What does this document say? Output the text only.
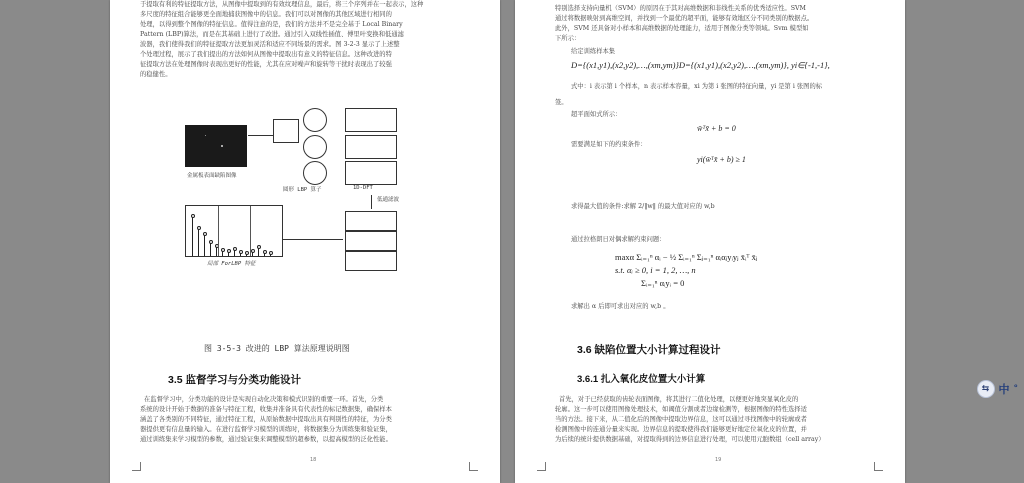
于提取有利的特征提取方法，从图像中提取到的有效纹理信息，最后，将三个序列并在一起表示，这种
多尺度的特征组合能够更全面地捕获图像中的信息。我们可以对图像的其他区域进行相同的
处理，以得到整个图像的特征信息。值得注意的是，我们的方法并不是完全基于 Local Binary
Pattern (LBP)算法，而是在其基础上进行了改进。通过引入双线性插值、傅里叶变换和低通滤
波器，我们使得我们的特征提取方法更加灵活和适应不同场景的需求。图 3-2-3 显示了上述整
个处理过程，展示了我们提出的方法如何从图像中提取出有意义的特征信息。这种改进的特
征提取方法在处理图像时表现出更好的性能，尤其在应对噪声和旋转等干扰时表现出了较强
的稳健性。
金属板表面缺陷图像
圆形 LBP 算子	1D-DFT
低通滤波
局部 ForLBP 特征
图 3-5-3 改进的 LBP 算法原理说明图
3.5 监督学习与分类功能设计
在监督学习中，分类功能的设计是实现自动化决策和模式识别的重要一环。首先，分类
系统的设计开始于数据的准备与特征工程，收集并准备具有代表性的标记数据集，确保样本
涵盖了各类别的不同特征，通过特征工程，从原始数据中提取出具有判别性的特征，为分类
器提供更有信息量的输入。在进行监督学习模型的训练时，将数据集分为训练集和验证集，
通过训练集来学习模型的参数，通过验证集来调整模型的超参数，以提高模型的泛化性能。
18
特别选择支持向量机（SVM）的原因在于其对高维数据和非线性关系的优秀适应性。SVM
通过将数据映射到高维空间，并找到一个最优的超平面，能够有效地区分不同类别的数据点。
此外，SVM 还具备对小样本和高维数据的处理能力，适用于图像分类等领域。Svm 模型如
下所示：
给定训练样本集
D={(x1,y1),(x2,y2),…,(xm,ym)}D={(x1,y1),(x2,y2),…,(xm,ym)}, yi∈{-1,-1},
式中：i 表示第 i 个样本，n 表示样本容量，xi 为第 i 张图的特征向量，yi 是第 i 张图的标
签。
超平面如式所示：
w̄ᵀx̄ + b = 0
需要满足如下的约束条件：
yi(w̄ᵀx̄ + b) ≥ 1
求得最大值的条件:求解 2/‖w‖ 的最大值对应的 w,b
通过拉格朗日对偶求解约束问题：
maxα Σᵢ₌₁ⁿ αᵢ − ½ Σᵢ₌₁ⁿ Σⱼ₌₁ⁿ αᵢαⱼyᵢyⱼ x̄ᵢᵀ x̄ⱼ
s.t. αᵢ ≥ 0, i = 1, 2, …, n
Σᵢ₌₁ⁿ αᵢyᵢ = 0
求解出 α 后即可求出对应的 w,b 。
3.6 缺陷位置大小计算过程设计
3.6.1 扎入氧化皮位置大小计算
首先，对于已经获取的齿轮表面图像，将其进行二值化处理，以便更好地突显氧化皮的
轮廓。这一步可以使用图像处理技术，如阈值分割或者边缘检测等，根据图像的特性选择适
当的方法。接下来，从二值化后的图像中提取边界信息，这可以通过寻找图像中的轮廓或者
检测图像中的连通分量来实现。边界信息的提取使得我们能够更好地定位氧化皮的位置，并
为后续的统计提供数据基础，对提取得到的边界信息进行处理，可以使用元胞数组（cell array）
19
⇆ 中 °
